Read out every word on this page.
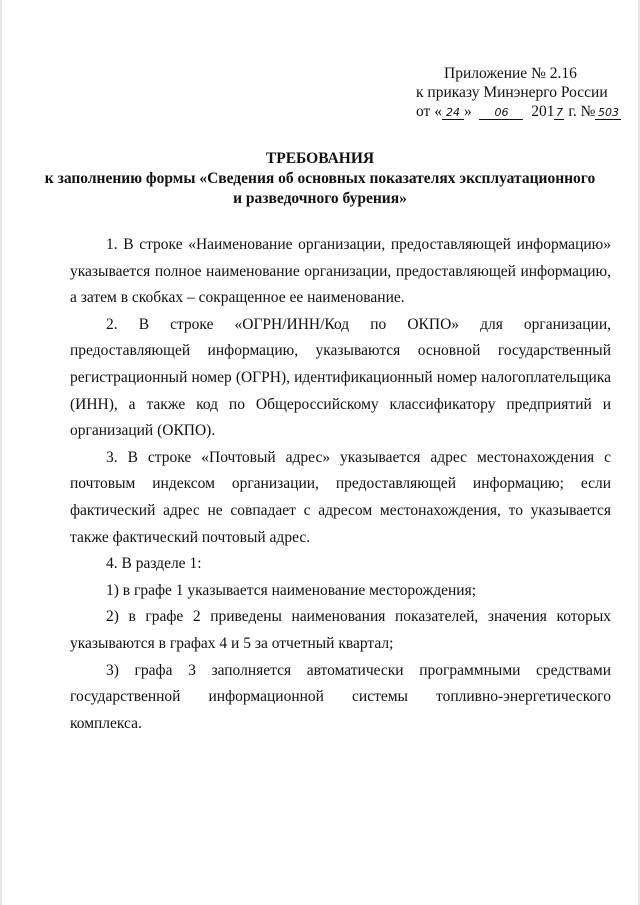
Приложение № 2.16
к приказу Минэнерго России
от « 24 » 06 201 7 г. № 503
ТРЕБОВАНИЯ
к заполнению формы «Сведения об основных показателях эксплуатационного
и разведочного бурения»

1. В строке «Наименование организации, предоставляющей информацию» указывается полное наименование организации, предоставляющей информацию, а затем в скобках – сокращенное ее наименование.

2. В строке «ОГРН/ИНН/Код по ОКПО» для организации, предоставляющей информацию, указываются основной государственный регистрационный номер (ОГРН), идентификационный номер налогоплательщика (ИНН), а также код по Общероссийскому классификатору предприятий и организаций (ОКПО).

3. В строке «Почтовый адрес» указывается адрес местонахождения с почтовым индексом организации, предоставляющей информацию; если фактический адрес не совпадает с адресом местонахождения, то указывается также фактический почтовый адрес.

4. В разделе 1:

1) в графе 1 указывается наименование месторождения;

2) в графе 2 приведены наименования показателей, значения которых указываются в графах 4 и 5 за отчетный квартал;

3) графа 3 заполняется автоматически программными средствами государственной информационной системы топливно-энергетического комплекса.
